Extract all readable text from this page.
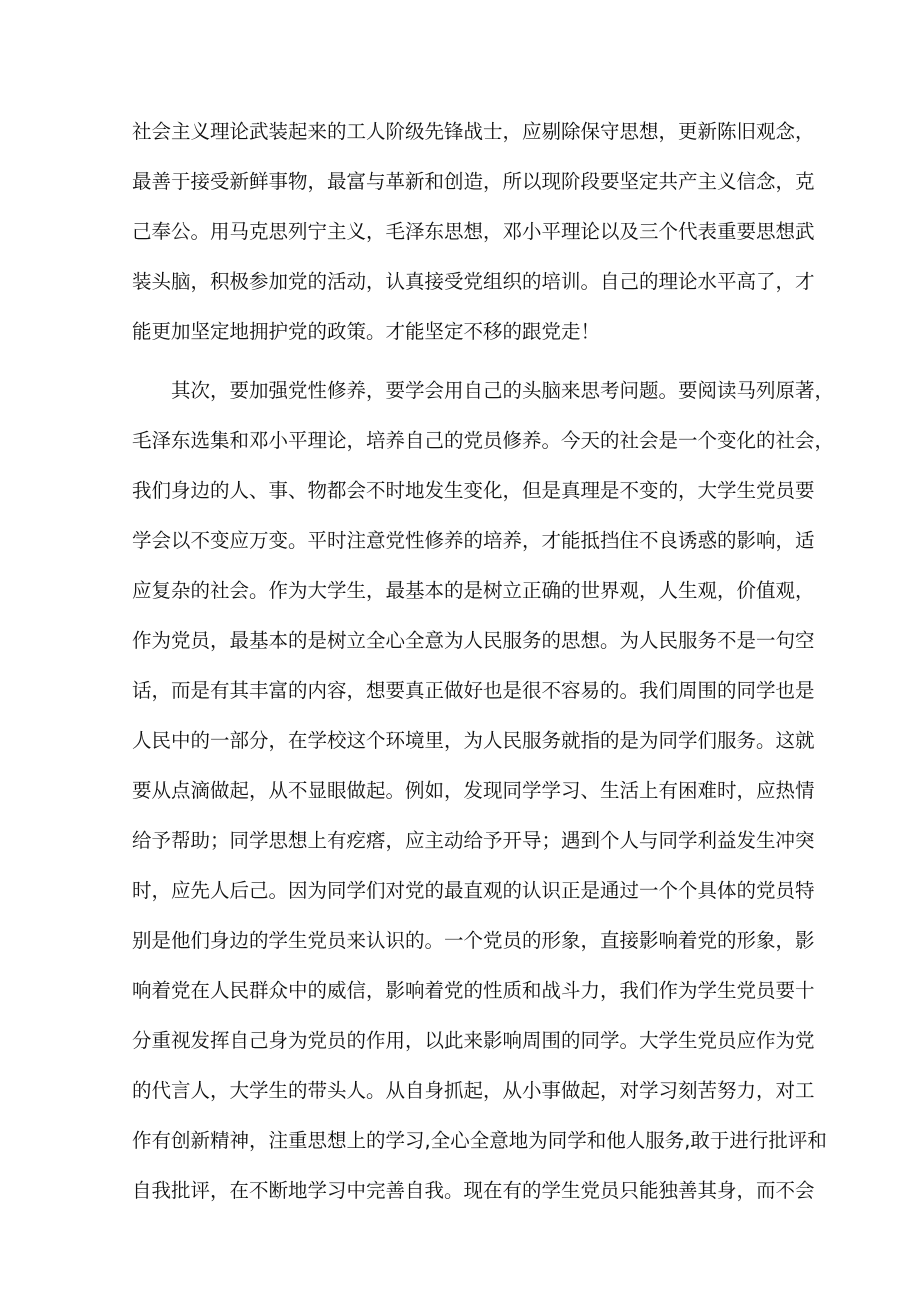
社会主义理论武装起来的工人阶级先锋战士，应剔除保守思想，更新陈旧观念，
最善于接受新鲜事物，最富与革新和创造，所以现阶段要坚定共产主义信念，克
己奉公。用马克思列宁主义，毛泽东思想，邓小平理论以及三个代表重要思想武
装头脑，积极参加党的活动，认真接受党组织的培训。自己的理论水平高了，才
能更加坚定地拥护党的政策。才能坚定不移的跟党走！
　　其次，要加强党性修养，要学会用自己的头脑来思考问题。要阅读马列原著，
毛泽东选集和邓小平理论，培养自己的党员修养。今天的社会是一个变化的社会，
我们身边的人、事、物都会不时地发生变化，但是真理是不变的，大学生党员要
学会以不变应万变。平时注意党性修养的培养，才能抵挡住不良诱惑的影响，适
应复杂的社会。作为大学生，最基本的是树立正确的世界观，人生观，价值观，
作为党员，最基本的是树立全心全意为人民服务的思想。为人民服务不是一句空
话，而是有其丰富的内容，想要真正做好也是很不容易的。我们周围的同学也是
人民中的一部分，在学校这个环境里，为人民服务就指的是为同学们服务。这就
要从点滴做起，从不显眼做起。例如，发现同学学习、生活上有困难时，应热情
给予帮助；同学思想上有疙瘩，应主动给予开导；遇到个人与同学利益发生冲突
时，应先人后己。因为同学们对党的最直观的认识正是通过一个个具体的党员特
别是他们身边的学生党员来认识的。一个党员的形象，直接影响着党的形象，影
响着党在人民群众中的威信，影响着党的性质和战斗力，我们作为学生党员要十
分重视发挥自己身为党员的作用，以此来影响周围的同学。大学生党员应作为党
的代言人，大学生的带头人。从自身抓起，从小事做起，对学习刻苦努力，对工
作有创新精神，注重思想上的学习,全心全意地为同学和他人服务,敢于进行批评和
自我批评，在不断地学习中完善自我。现在有的学生党员只能独善其身，而不会
